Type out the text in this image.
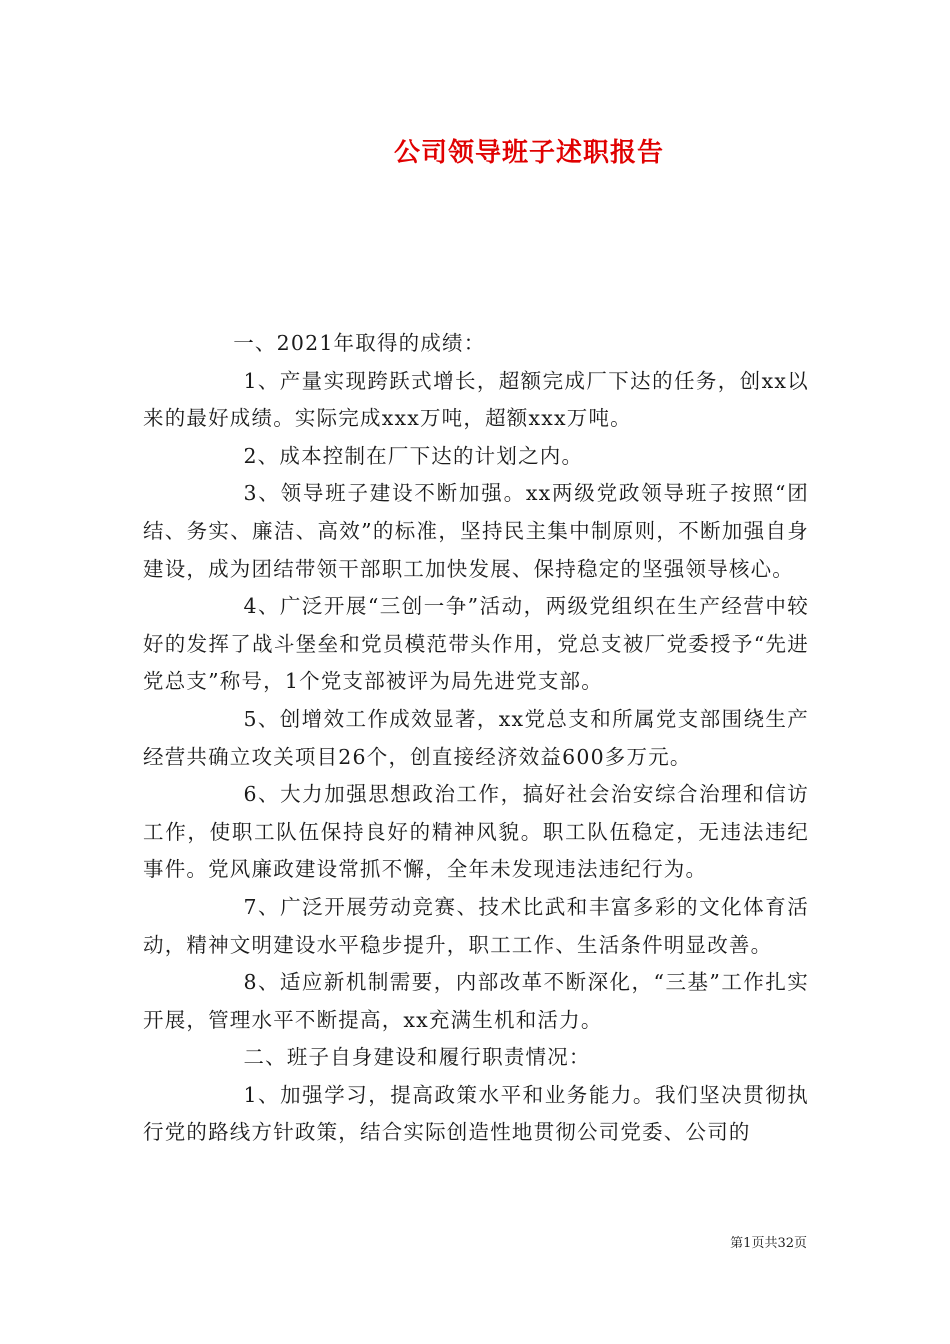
公司领导班子述职报告

一、2021年取得的成绩：

1、产量实现跨跃式增长，超额完成厂下达的任务，创xx以来的最好成绩。实际完成xxx万吨，超额xxx万吨。

2、成本控制在厂下达的计划之内。

3、领导班子建设不断加强。xx两级党政领导班子按照“团结、务实、廉洁、高效”的标准，坚持民主集中制原则，不断加强自身建设，成为团结带领干部职工加快发展、保持稳定的坚强领导核心。

4、广泛开展“三创一争”活动，两级党组织在生产经营中较好的发挥了战斗堡垒和党员模范带头作用，党总支被厂党委授予“先进党总支”称号，1个党支部被评为局先进党支部。

5、创增效工作成效显著，xx党总支和所属党支部围绕生产经营共确立攻关项目26个，创直接经济效益600多万元。

6、大力加强思想政治工作，搞好社会治安综合治理和信访工作，使职工队伍保持良好的精神风貌。职工队伍稳定，无违法违纪事件。党风廉政建设常抓不懈，全年未发现违法违纪行为。

7、广泛开展劳动竞赛、技术比武和丰富多彩的文化体育活动，精神文明建设水平稳步提升，职工工作、生活条件明显改善。

8、适应新机制需要，内部改革不断深化，“三基”工作扎实开展，管理水平不断提高，xx充满生机和活力。

二、班子自身建设和履行职责情况：

1、加强学习，提高政策水平和业务能力。我们坚决贯彻执行党的路线方针政策，结合实际创造性地贯彻公司党委、公司的

第1页共32页
